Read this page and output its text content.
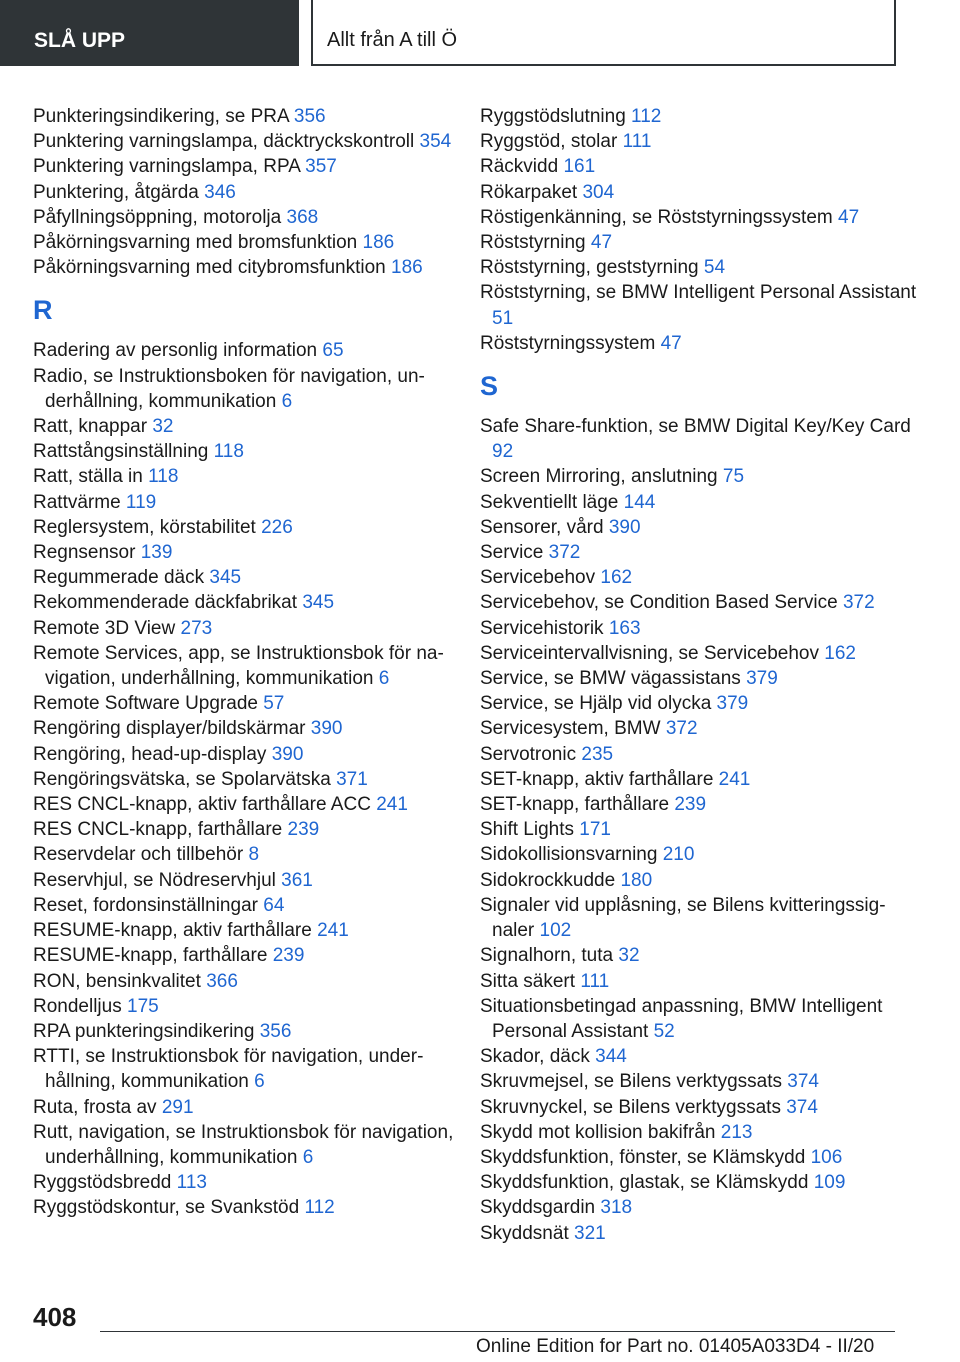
SLÅ UPP	Allt från A till Ö
Punkteringsindikering, se PRA 356
Punktering varningslampa, däcktryckskontroll 354
Punktering varningslampa, RPA 357
Punktering, åtgärda 346
Påfyllningsöppning, motorolja 368
Påkörningsvarning med bromsfunktion 186
Påkörningsvarning med citybromsfunktion 186
R
Radering av personlig information 65
Radio, se Instruktionsboken för navigation, underhållning, kommunikation 6
Ratt, knappar 32
Rattstångsinställning 118
Ratt, ställa in 118
Rattvärme 119
Reglersystem, körstabilitet 226
Regnsensor 139
Regummerade däck 345
Rekommenderade däckfabrikat 345
Remote 3D View 273
Remote Services, app, se Instruktionsbok för navigation, underhållning, kommunikation 6
Remote Software Upgrade 57
Rengöring displayer/bildskärmar 390
Rengöring, head-up-display 390
Rengöringsvätska, se Spolarvätska 371
RES CNCL-knapp, aktiv farthållare ACC 241
RES CNCL-knapp, farthållare 239
Reservdelar och tillbehör 8
Reservhjul, se Nödreservhjul 361
Reset, fordonsinställningar 64
RESUME-knapp, aktiv farthållare 241
RESUME-knapp, farthållare 239
RON, bensinkvalitet 366
Rondelljus 175
RPA punkteringsindikering 356
RTTI, se Instruktionsbok för navigation, underhållning, kommunikation 6
Ruta, frosta av 291
Rutt, navigation, se Instruktionsbok för navigation, underhållning, kommunikation 6
Ryggstödsbredd 113
Ryggstödskontur, se Svankstöd 112
Ryggstödslutning 112
Ryggstöd, stolar 111
Räckvidd 161
Rökarpaket 304
Röstigenkänning, se Röststyrningssystem 47
Röststyrning 47
Röststyrning, geststyrning 54
Röststyrning, se BMW Intelligent Personal Assistant 51
Röststyrningssystem 47
S
Safe Share-funktion, se BMW Digital Key/Key Card 92
Screen Mirroring, anslutning 75
Sekventiellt läge 144
Sensorer, vård 390
Service 372
Servicebehov 162
Servicebehov, se Condition Based Service 372
Servicehistorik 163
Serviceintervallvisning, se Servicebehov 162
Service, se BMW vägassistans 379
Service, se Hjälp vid olycka 379
Servicesystem, BMW 372
Servotronic 235
SET-knapp, aktiv farthållare 241
SET-knapp, farthållare 239
Shift Lights 171
Sidokollisionsvarning 210
Sidokrockkudde 180
Signaler vid upplåsning, se Bilens kvitteringssignaler 102
Signalhorn, tuta 32
Sitta säkert 111
Situationsbetingad anpassning, BMW Intelligent Personal Assistant 52
Skador, däck 344
Skruvmejsel, se Bilens verktygssats 374
Skruvnyckel, se Bilens verktygssats 374
Skydd mot kollision bakifrån 213
Skyddsfunktion, fönster, se Klämskydd 106
Skyddsfunktion, glastak, se Klämskydd 109
Skyddsgardin 318
Skyddsnät 321
408
Online Edition for Part no. 01405A033D4 - II/20
